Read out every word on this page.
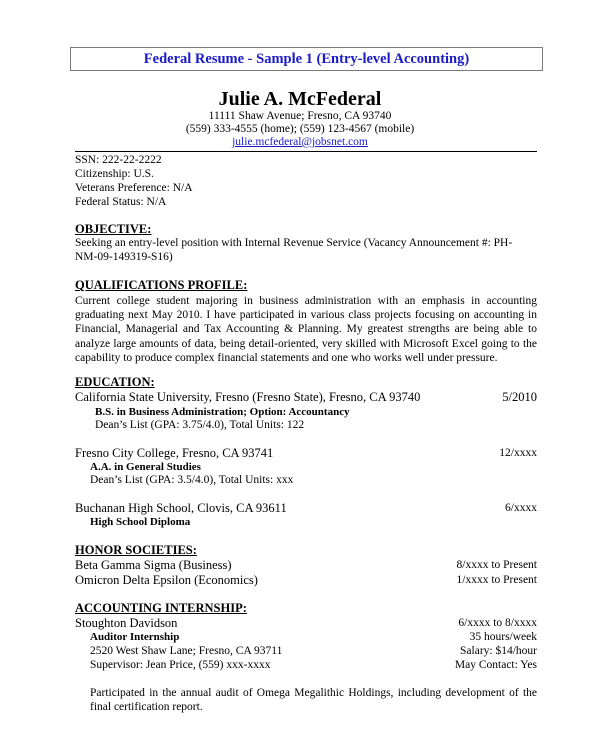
Federal Resume - Sample 1 (Entry-level Accounting)
Julie A. McFederal
11111 Shaw Avenue; Fresno, CA 93740
(559) 333-4555 (home); (559) 123-4567 (mobile)
julie.mcfederal@jobsnet.com
SSN: 222-22-2222
Citizenship: U.S.
Veterans Preference: N/A
Federal Status: N/A
OBJECTIVE:
Seeking an entry-level position with Internal Revenue Service (Vacancy Announcement #: PH-
NM-09-149319-S16)
QUALIFICATIONS PROFILE:
Current college student majoring in business administration with an emphasis in accounting graduating next May 2010. I have participated in various class projects focusing on accounting in Financial, Managerial and Tax Accounting & Planning. My greatest strengths are being able to analyze large amounts of data, being detail-oriented, very skilled with Microsoft Excel going to the capability to produce complex financial statements and one who works well under pressure.
EDUCATION:
California State University, Fresno (Fresno State), Fresno, CA 93740	5/2010
B.S. in Business Administration; Option: Accountancy
Dean’s List (GPA: 3.75/4.0), Total Units: 122
Fresno City College, Fresno, CA 93741	12/xxxx
A.A. in General Studies
Dean’s List (GPA: 3.5/4.0), Total Units: xxx
Buchanan High School, Clovis, CA 93611	6/xxxx
High School Diploma
HONOR SOCIETIES:
Beta Gamma Sigma (Business)	8/xxxx to Present
Omicron Delta Epsilon (Economics)	1/xxxx to Present
ACCOUNTING INTERNSHIP:
Stoughton Davidson	6/xxxx to 8/xxxx
Auditor Internship	35 hours/week
2520 West Shaw Lane; Fresno, CA 93711	Salary: $14/hour
Supervisor: Jean Price, (559) xxx-xxxx	May Contact: Yes
Participated in the annual audit of Omega Megalithic Holdings, including development of the final certification report.
